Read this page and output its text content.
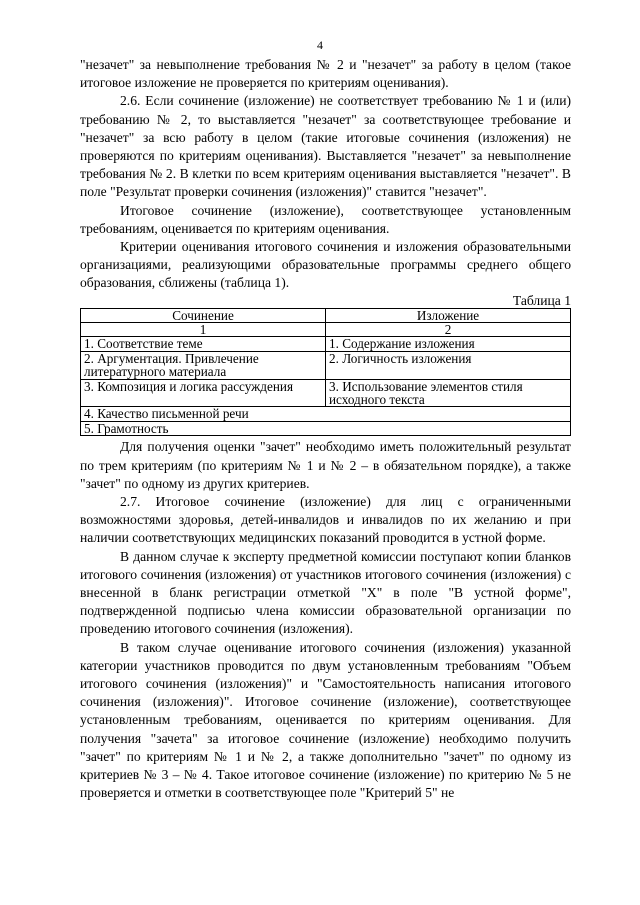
4

"незачет" за невыполнение требования № 2 и "незачет" за работу в целом (такое итоговое изложение не проверяется по критериям оценивания).

2.6. Если сочинение (изложение) не соответствует требованию № 1 и (или) требованию № 2, то выставляется "незачет" за соответствующее требование и "незачет" за всю работу в целом (такие итоговые сочинения (изложения) не проверяются по критериям оценивания). Выставляется "незачет" за невыполнение требования № 2. В клетки по всем критериям оценивания выставляется "незачет". В поле "Результат проверки сочинения (изложения)" ставится "незачет".

Итоговое сочинение (изложение), соответствующее установленным требованиям, оценивается по критериям оценивания.

Критерии оценивания итогового сочинения и изложения образовательными организациями, реализующими образовательные программы среднего общего образования, сближены (таблица 1).

Таблица 1
Сочинение	Изложение
1	2
1. Соответствие теме	1. Содержание изложения
2. Аргументация. Привлечение литературного материала	2. Логичность изложения
3. Композиция и логика рассуждения	3. Использование элементов стиля исходного текста
4. Качество письменной речи	
5. Грамотность	

Для получения оценки "зачет" необходимо иметь положительный результат по трем критериям (по критериям № 1 и № 2 – в обязательном порядке), а также "зачет" по одному из других критериев.

2.7. Итоговое сочинение (изложение) для лиц с ограниченными возможностями здоровья, детей-инвалидов и инвалидов по их желанию и при наличии соответствующих медицинских показаний проводится в устной форме.

В данном случае к эксперту предметной комиссии поступают копии бланков итогового сочинения (изложения) от участников итогового сочинения (изложения) с внесенной в бланк регистрации отметкой "Х" в поле "В устной форме", подтвержденной подписью члена комиссии образовательной организации по проведению итогового сочинения (изложения).

В таком случае оценивание итогового сочинения (изложения) указанной категории участников проводится по двум установленным требованиям "Объем итогового сочинения (изложения)" и "Самостоятельность написания итогового сочинения (изложения)". Итоговое сочинение (изложение), соответствующее установленным требованиям, оценивается по критериям оценивания. Для получения "зачета" за итоговое сочинение (изложение) необходимо получить "зачет" по критериям № 1 и № 2, а также дополнительно "зачет" по одному из критериев № 3 – № 4. Такое итоговое сочинение (изложение) по критерию № 5 не проверяется и отметки в соответствующее поле "Критерий 5" не
